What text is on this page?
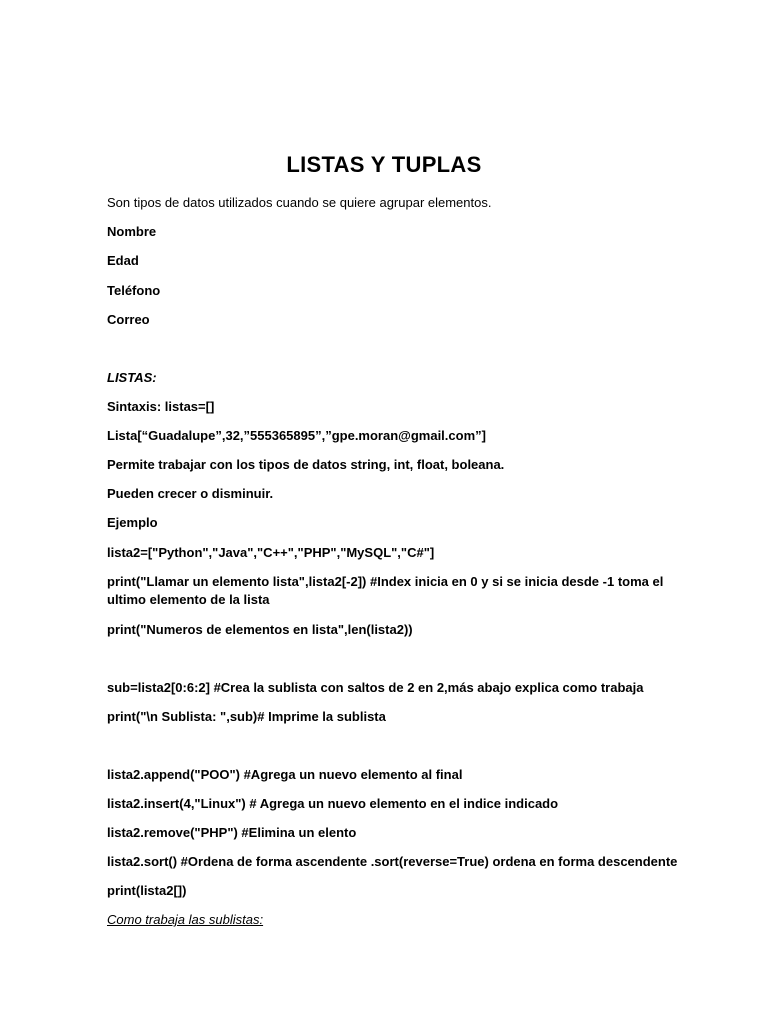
LISTAS Y TUPLAS
Son tipos de datos utilizados cuando se quiere agrupar elementos.
Nombre
Edad
Teléfono
Correo
LISTAS:
Sintaxis: listas=[]
Lista[“Guadalupe”,32,”555365895”,”gpe.moran@gmail.com”]
Permite trabajar con los tipos de datos string, int, float, boleana.
Pueden crecer o disminuir.
Ejemplo
lista2=["Python","Java","C++","PHP","MySQL","C#"]
print("Llamar un elemento lista",lista2[-2]) #Index inicia en 0 y si se inicia desde -1 toma el ultimo elemento de la lista
print("Numeros de elementos en lista",len(lista2))
sub=lista2[0:6:2] #Crea la sublista con saltos de 2 en 2,más abajo explica como trabaja
print("\n Sublista: ",sub)# Imprime la sublista
lista2.append("POO") #Agrega un nuevo elemento al final
lista2.insert(4,"Linux") # Agrega un nuevo elemento en el indice indicado
lista2.remove("PHP") #Elimina un elento
lista2.sort() #Ordena de forma ascendente .sort(reverse=True) ordena en forma descendente
print(lista2[])
Como trabaja las sublistas:
